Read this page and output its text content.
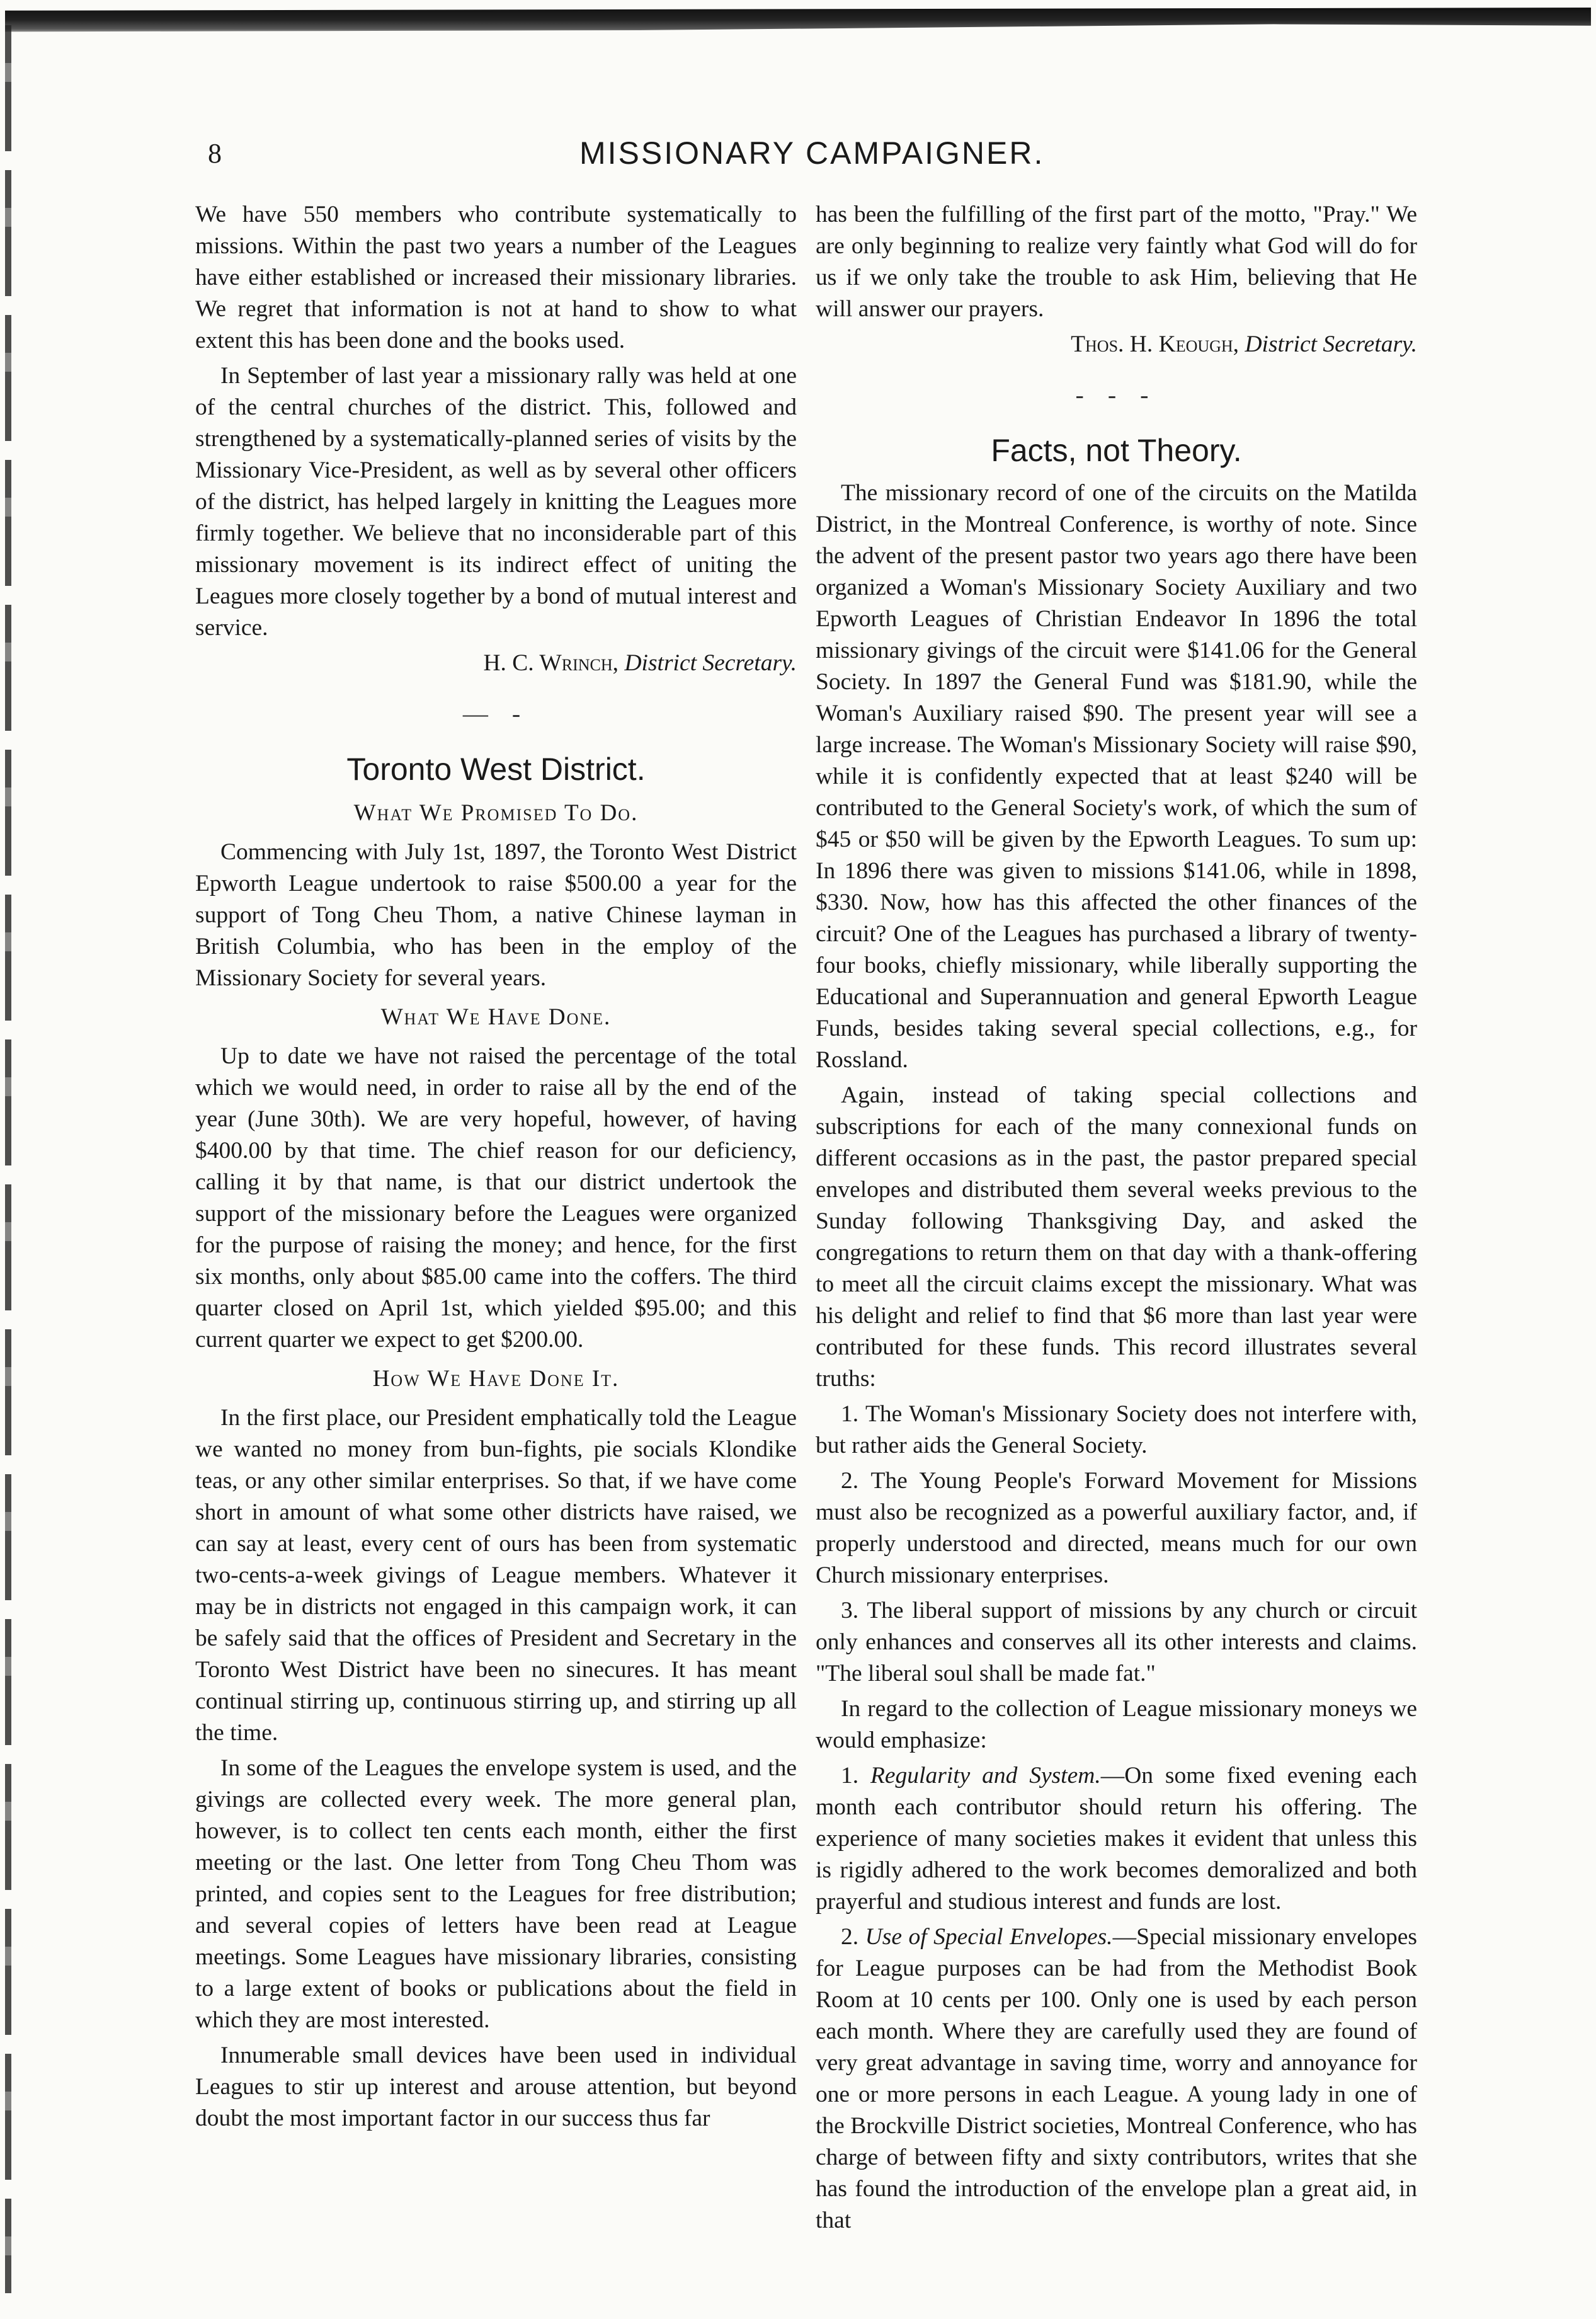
8	MISSIONARY CAMPAIGNER.

We have 550 members who contribute systematically to missions. Within the past two years a number of the Leagues have either established or increased their missionary libraries. We regret that information is not at hand to show to what extent this has been done and the books used.

In September of last year a missionary rally was held at one of the central churches of the district. This, followed and strengthened by a systematically-planned series of visits by the Missionary Vice-President, as well as by several other officers of the district, has helped largely in knitting the Leagues more firmly together. We believe that no inconsiderable part of this missionary movement is its indirect effect of uniting the Leagues more closely together by a bond of mutual interest and service.

H. C. Wrinch, District Secretary.

— -
Toronto West District.
What We Promised To Do.

Commencing with July 1st, 1897, the Toronto West District Epworth League undertook to raise $500.00 a year for the support of Tong Cheu Thom, a native Chinese layman in British Columbia, who has been in the employ of the Missionary Society for several years.

What We Have Done.

Up to date we have not raised the percentage of the total which we would need, in order to raise all by the end of the year (June 30th). We are very hopeful, however, of having $400.00 by that time. The chief reason for our deficiency, calling it by that name, is that our district undertook the support of the missionary before the Leagues were organized for the purpose of raising the money; and hence, for the first six months, only about $85.00 came into the coffers. The third quarter closed on April 1st, which yielded $95.00; and this current quarter we expect to get $200.00.

How We Have Done It.

In the first place, our President emphatically told the League we wanted no money from bun-fights, pie socials Klondike teas, or any other similar enterprises. So that, if we have come short in amount of what some other districts have raised, we can say at least, every cent of ours has been from systematic two-cents-a-week givings of League members. Whatever it may be in districts not engaged in this campaign work, it can be safely said that the offices of President and Secretary in the Toronto West District have been no sinecures. It has meant continual stirring up, continuous stirring up, and stirring up all the time.

In some of the Leagues the envelope system is used, and the givings are collected every week. The more general plan, however, is to collect ten cents each month, either the first meeting or the last. One letter from Tong Cheu Thom was printed, and copies sent to the Leagues for free distribution; and several copies of letters have been read at League meetings. Some Leagues have missionary libraries, consisting to a large extent of books or publications about the field in which they are most interested.

Innumerable small devices have been used in individual Leagues to stir up interest and arouse attention, but beyond doubt the most important factor in our success thus far

has been the fulfilling of the first part of the motto, "Pray." We are only beginning to realize very faintly what God will do for us if we only take the trouble to ask Him, believing that He will answer our prayers.

Thos. H. Keough, District Secretary.

- - -
Facts, not Theory.

The missionary record of one of the circuits on the Matilda District, in the Montreal Conference, is worthy of note. Since the advent of the present pastor two years ago there have been organized a Woman's Missionary Society Auxiliary and two Epworth Leagues of Christian Endeavor In 1896 the total missionary givings of the circuit were $141.06 for the General Society. In 1897 the General Fund was $181.90, while the Woman's Auxiliary raised $90. The present year will see a large increase. The Woman's Missionary Society will raise $90, while it is confidently expected that at least $240 will be contributed to the General Society's work, of which the sum of $45 or $50 will be given by the Epworth Leagues. To sum up: In 1896 there was given to missions $141.06, while in 1898, $330. Now, how has this affected the other finances of the circuit? One of the Leagues has purchased a library of twenty-four books, chiefly missionary, while liberally supporting the Educational and Superannuation and general Epworth League Funds, besides taking several special collections, e.g., for Rossland.

Again, instead of taking special collections and subscriptions for each of the many connexional funds on different occasions as in the past, the pastor prepared special envelopes and distributed them several weeks previous to the Sunday following Thanksgiving Day, and asked the congregations to return them on that day with a thank-offering to meet all the circuit claims except the missionary. What was his delight and relief to find that $6 more than last year were contributed for these funds. This record illustrates several truths:

1. The Woman's Missionary Society does not interfere with, but rather aids the General Society.

2. The Young People's Forward Movement for Missions must also be recognized as a powerful auxiliary factor, and, if properly understood and directed, means much for our own Church missionary enterprises.

3. The liberal support of missions by any church or circuit only enhances and conserves all its other interests and claims. "The liberal soul shall be made fat."

In regard to the collection of League missionary moneys we would emphasize:

1. Regularity and System.—On some fixed evening each month each contributor should return his offering. The experience of many societies makes it evident that unless this is rigidly adhered to the work becomes demoralized and both prayerful and studious interest and funds are lost.

2. Use of Special Envelopes.—Special missionary envelopes for League purposes can be had from the Methodist Book Room at 10 cents per 100. Only one is used by each person each month. Where they are carefully used they are found of very great advantage in saving time, worry and annoyance for one or more persons in each League. A young lady in one of the Brockville District societies, Montreal Conference, who has charge of between fifty and sixty contributors, writes that she has found the introduction of the envelope plan a great aid, in that
